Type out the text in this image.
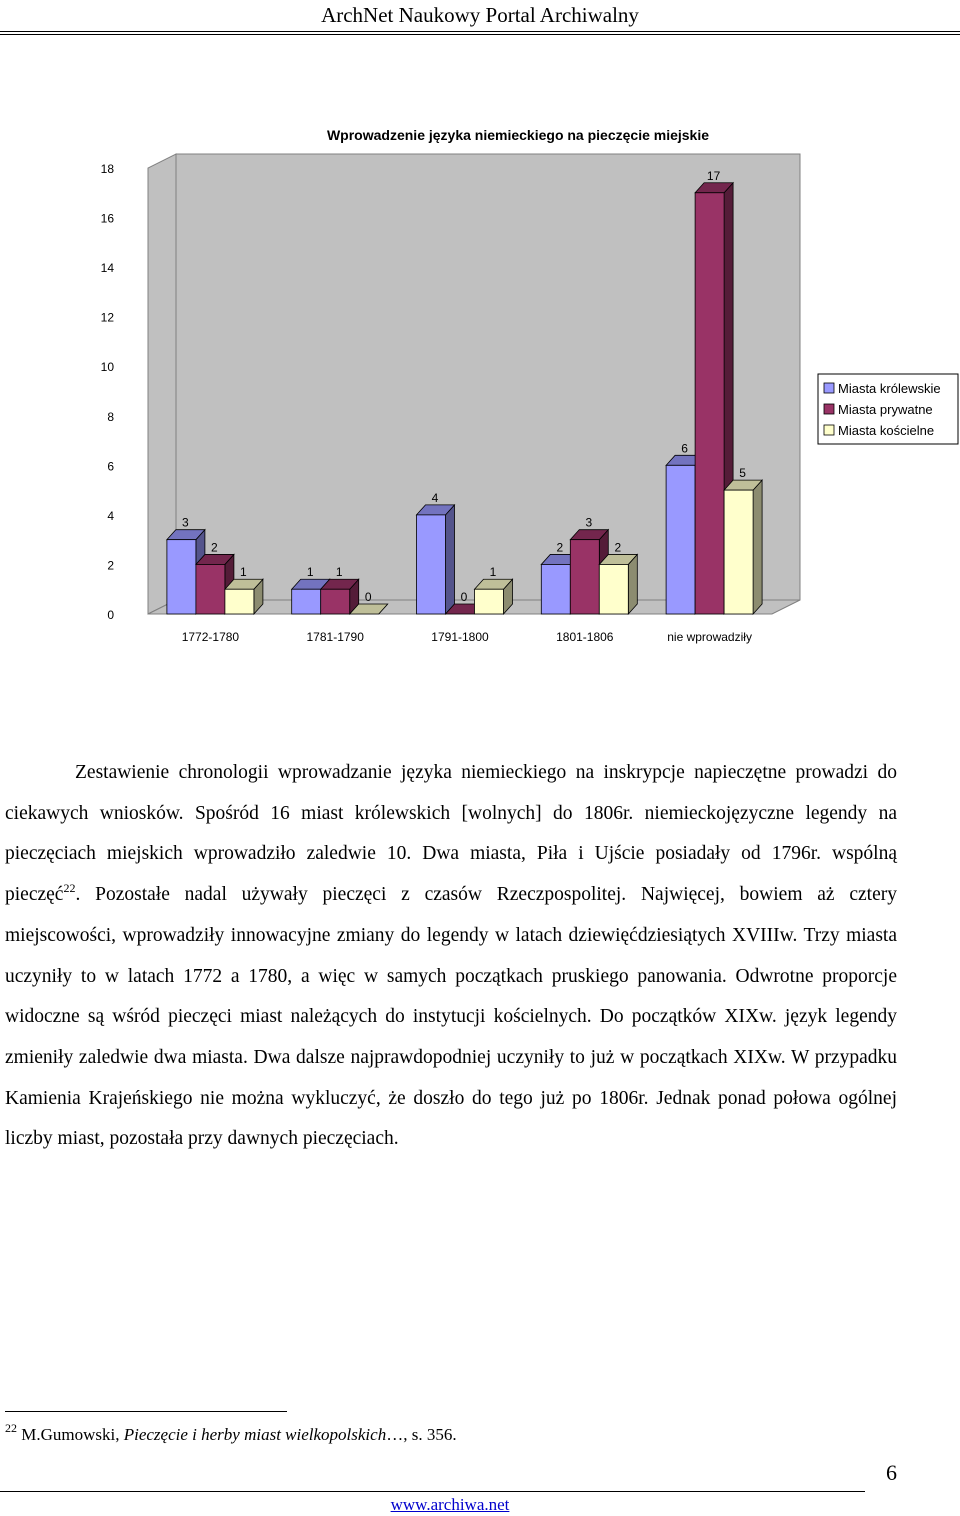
ArchNet Naukowy Portal Archiwalny
Wprowadzenie języka niemieckiego na pieczęcie miejskie
0
2
4
6
8
10
12
14
16
18
3
2
1	1 1
0
4
0
1
2
3
2
6
17
5
1772-1780	1781-1790	1791-1800	1801-1806	nie wprowadziły
Miasta królewskie
Miasta prywatne
Miasta kościelne

Zestawienie chronologii wprowadzanie języka niemieckiego na inskrypcje napieczętne prowadzi do ciekawych wniosków. Spośród 16 miast królewskich [wolnych] do 1806r. niemieckojęzyczne legendy na pieczęciach miejskich wprowadziło zaledwie 10. Dwa miasta, Piła i Ujście posiadały od 1796r. wspólną pieczęć$^{22}$. Pozostałe nadal używały pieczęci z czasów Rzeczpospolitej. Najwięcej, bowiem aż cztery miejscowości, wprowadziły innowacyjne zmiany do legendy w latach dziewięćdziesiątych XVIIIw. Trzy miasta uczyniły to w latach 1772 a 1780, a więc w samych początkach pruskiego panowania. Odwrotne proporcje widoczne są wśród pieczęci miast należących do instytucji kościelnych. Do początków XIXw. język legendy zmieniły zaledwie dwa miasta. Dwa dalsze najprawdopodniej uczyniły to już w początkach XIXw. W przypadku Kamienia Krajeńskiego nie można wykluczyć, że doszło do tego już po 1806r. Jednak ponad połowa ogólnej liczby miast, pozostała przy dawnych pieczęciach.

$^{22}$ M.Gumowski, Pieczęcie i herby miast wielkopolskich…, s. 356.
6
www.archiwa.net
